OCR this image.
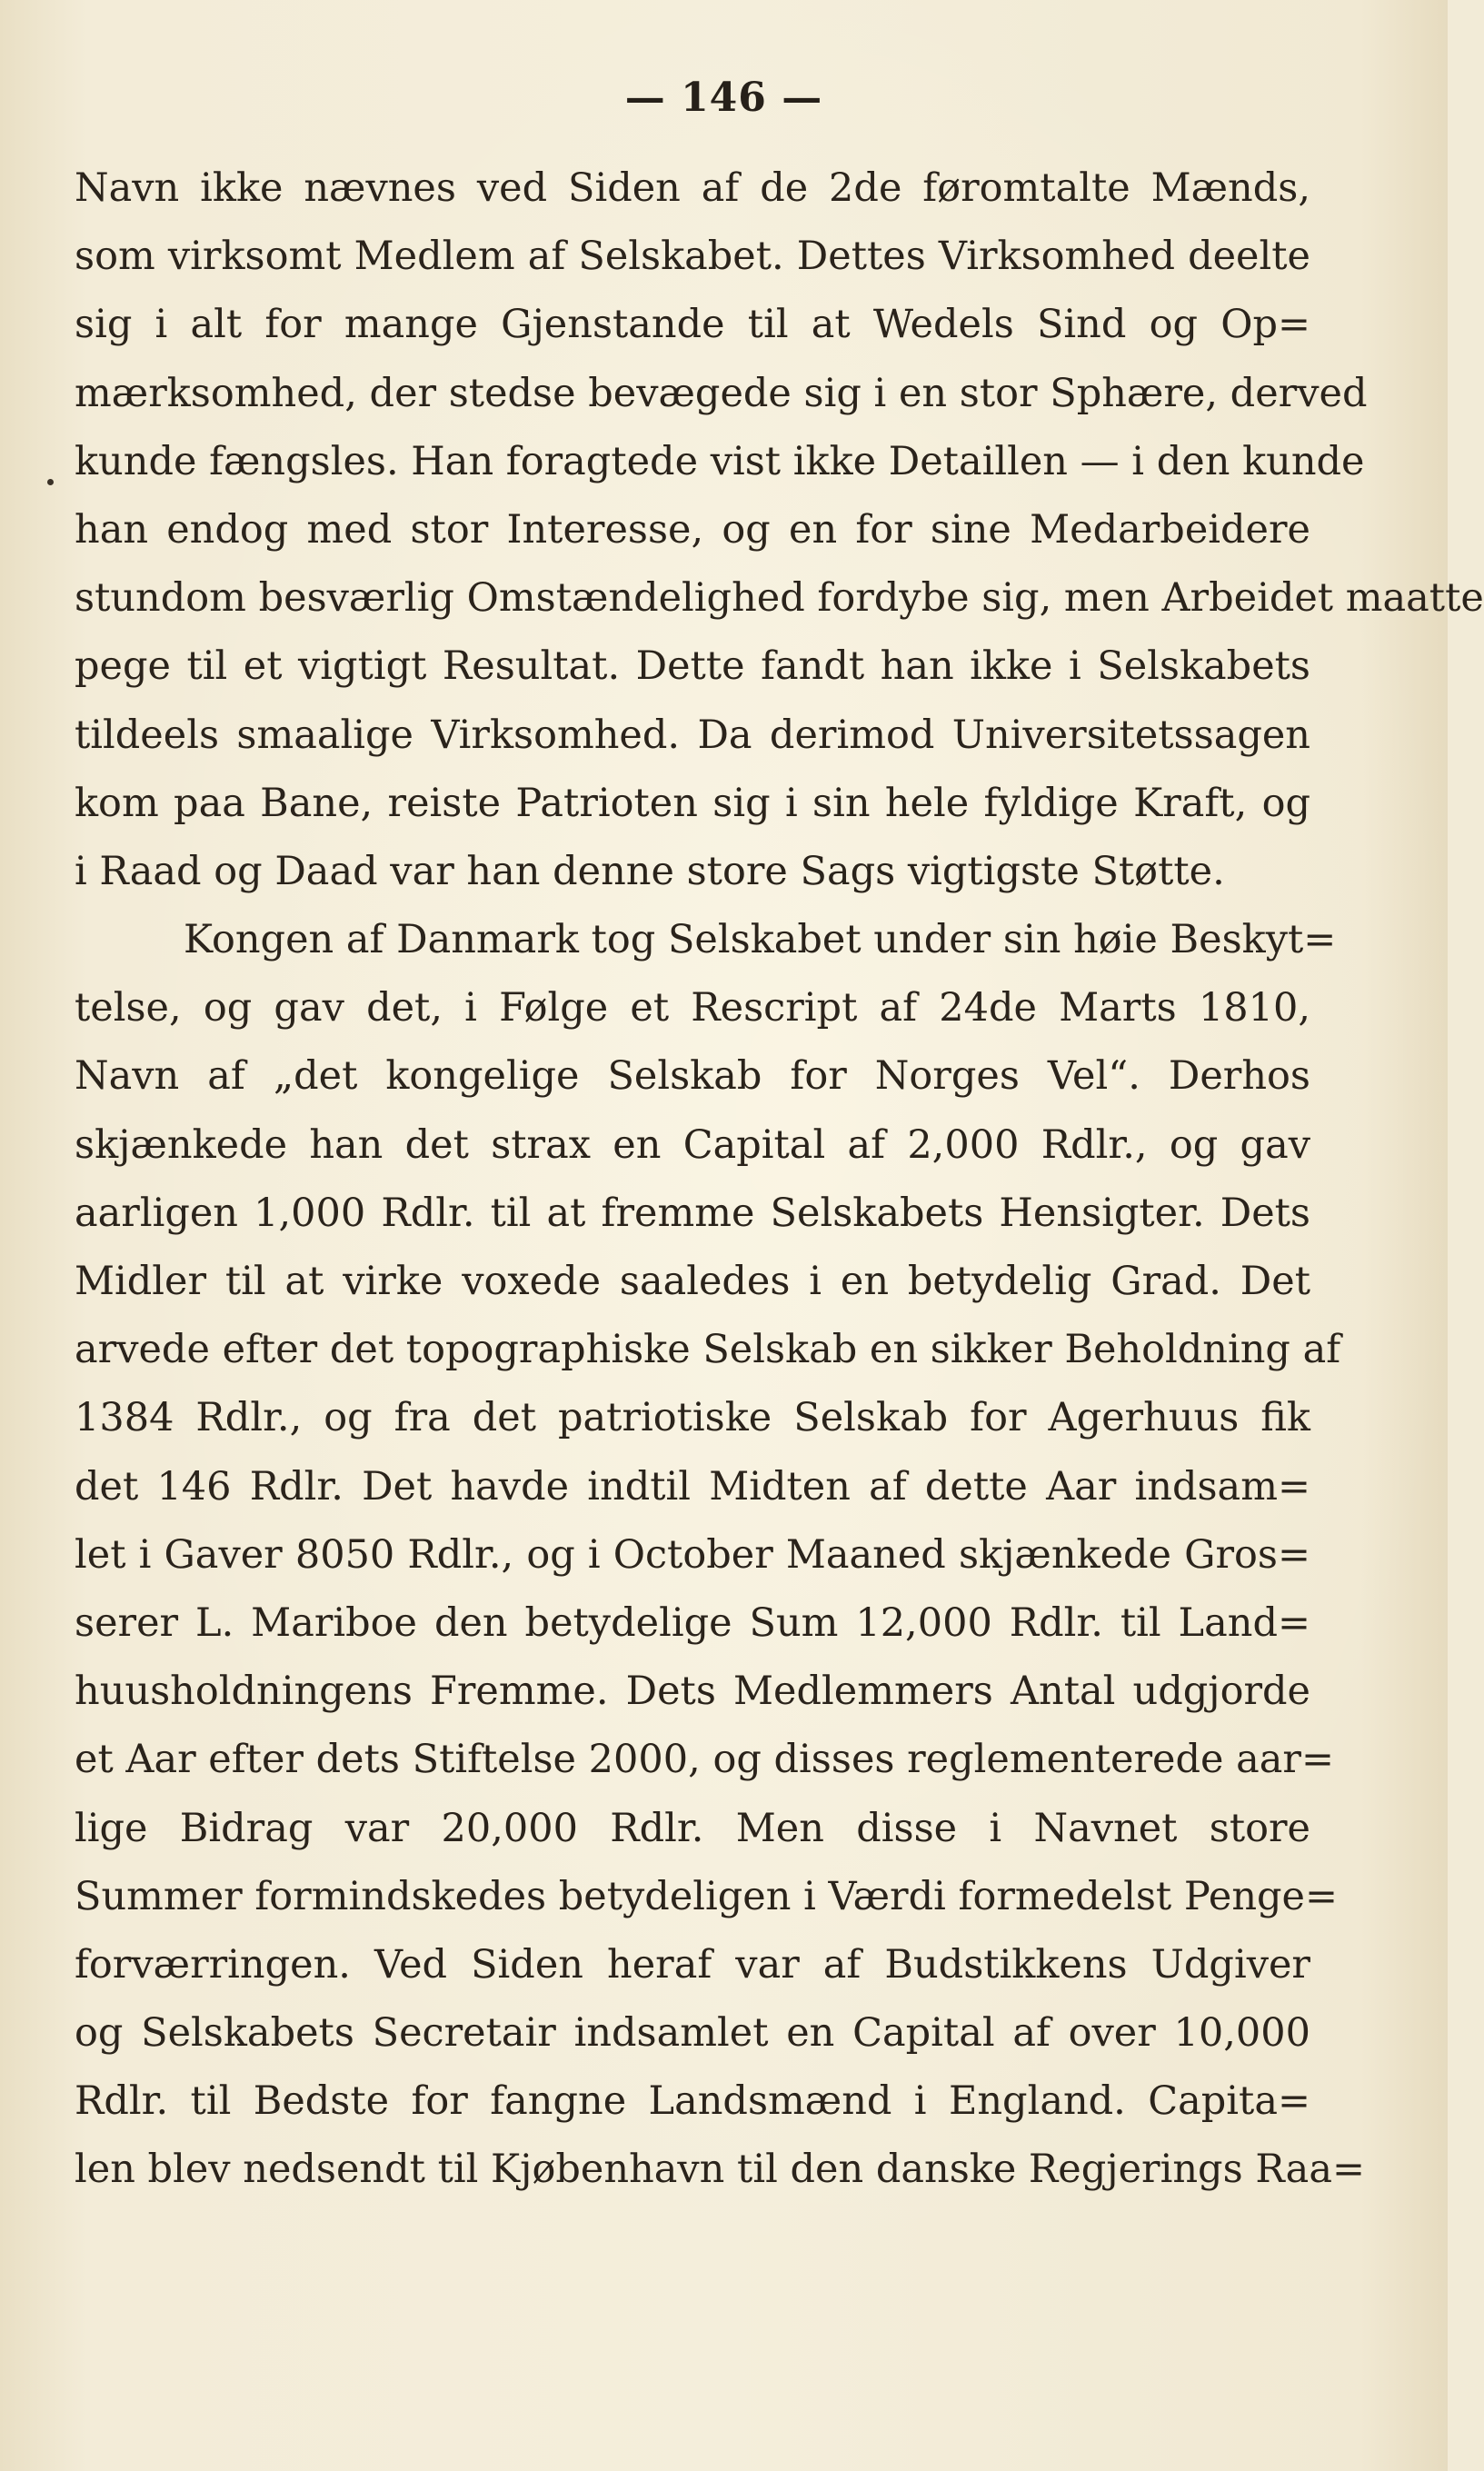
— 146 —
Navn ikke nævnes ved Siden af de 2de føromtalte Mænds,
som virksomt Medlem af Selskabet. Dettes Virksomhed deelte
sig i alt for mange Gjenstande til at Wedels Sind og Op=
mærksomhed, der stedse bevægede sig i en stor Sphære, derved
kunde fængsles. Han foragtede vist ikke Detaillen — i den kunde
han endog med stor Interesse, og en for sine Medarbeidere
stundom besværlig Omstændelighed fordybe sig, men Arbeidet maatte
pege til et vigtigt Resultat. Dette fandt han ikke i Selskabets
tildeels smaalige Virksomhed. Da derimod Universitetssagen
kom paa Bane, reiste Patrioten sig i sin hele fyldige Kraft, og
i Raad og Daad var han denne store Sags vigtigste Støtte.
Kongen af Danmark tog Selskabet under sin høie Beskyt=
telse, og gav det, i Følge et Rescript af 24de Marts 1810,
Navn af „det kongelige Selskab for Norges Vel“. Derhos
skjænkede han det strax en Capital af 2,000 Rdlr., og gav
aarligen 1,000 Rdlr. til at fremme Selskabets Hensigter. Dets
Midler til at virke voxede saaledes i en betydelig Grad. Det
arvede efter det topographiske Selskab en sikker Beholdning af
1384 Rdlr., og fra det patriotiske Selskab for Agerhuus fik
det 146 Rdlr. Det havde indtil Midten af dette Aar indsam=
let i Gaver 8050 Rdlr., og i October Maaned skjænkede Gros=
serer L. Mariboe den betydelige Sum 12,000 Rdlr. til Land=
huusholdningens Fremme. Dets Medlemmers Antal udgjorde
et Aar efter dets Stiftelse 2000, og disses reglementerede aar=
lige Bidrag var 20,000 Rdlr. Men disse i Navnet store
Summer formindskedes betydeligen i Værdi formedelst Penge=
forværringen. Ved Siden heraf var af Budstikkens Udgiver
og Selskabets Secretair indsamlet en Capital af over 10,000
Rdlr. til Bedste for fangne Landsmænd i England. Capita=
len blev nedsendt til Kjøbenhavn til den danske Regjerings Raa=
